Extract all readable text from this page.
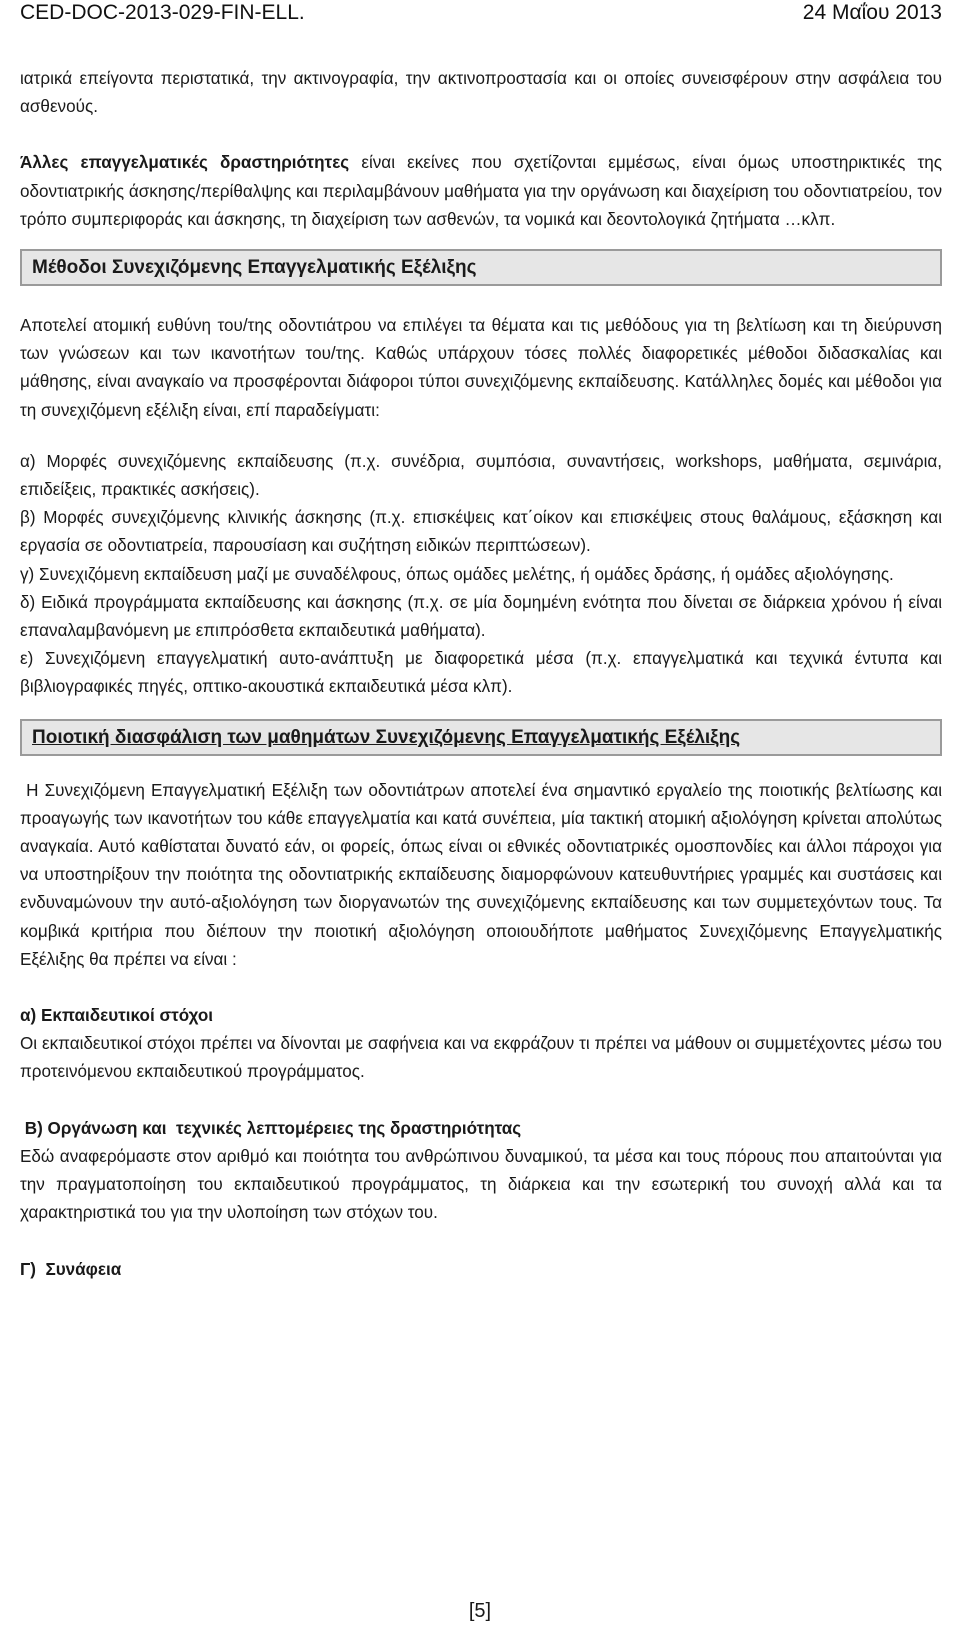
CED-DOC-2013-029-FIN-ELL.	24 Μαΐου 2013

ιατρικά επείγοντα περιστατικά, την ακτινογραφία, την ακτινοπροστασία και οι οποίες συνεισφέρουν στην ασφάλεια του ασθενούς.

Άλλες επαγγελματικές δραστηριότητες είναι εκείνες που σχετίζονται εμμέσως, είναι όμως υποστηρικτικές της οδοντιατρικής άσκησης/περίθαλψης και περιλαμβάνουν μαθήματα για την οργάνωση και διαχείριση του οδοντιατρείου, τον τρόπο συμπεριφοράς και άσκησης, τη διαχείριση των ασθενών, τα νομικά και δεοντολογικά ζητήματα …κλπ.

Μέθοδοι Συνεχιζόμενης Επαγγελματικής Εξέλιξης

Αποτελεί ατομική ευθύνη του/της οδοντιάτρου να επιλέγει τα θέματα και τις μεθόδους για τη βελτίωση και τη διεύρυνση των γνώσεων και των ικανοτήτων του/της. Καθώς υπάρχουν τόσες πολλές διαφορετικές μέθοδοι διδασκαλίας και μάθησης, είναι αναγκαίο να προσφέρονται διάφοροι τύποι συνεχιζόμενης εκπαίδευσης. Κατάλληλες δομές και μέθοδοι για τη συνεχιζόμενη εξέλιξη είναι, επί παραδείγματι:

α) Μορφές συνεχιζόμενης εκπαίδευσης (π.χ. συνέδρια, συμπόσια, συναντήσεις, workshops, μαθήματα, σεμινάρια, επιδείξεις, πρακτικές ασκήσεις).

β) Μορφές συνεχιζόμενης κλινικής άσκησης (π.χ. επισκέψεις κατ΄οίκον και επισκέψεις στους θαλάμους, εξάσκηση και εργασία σε οδοντιατρεία, παρουσίαση και συζήτηση ειδικών περιπτώσεων).

γ) Συνεχιζόμενη εκπαίδευση μαζί με συναδέλφους, όπως ομάδες μελέτης, ή ομάδες δράσης, ή ομάδες αξιολόγησης.

δ) Ειδικά προγράμματα εκπαίδευσης και άσκησης (π.χ. σε μία δομημένη ενότητα που δίνεται σε διάρκεια χρόνου ή είναι επαναλαμβανόμενη με επιπρόσθετα εκπαιδευτικά μαθήματα).

ε) Συνεχιζόμενη επαγγελματική αυτο-ανάπτυξη με διαφορετικά μέσα (π.χ. επαγγελματικά και τεχνικά έντυπα και βιβλιογραφικές πηγές, οπτικο-ακουστικά εκπαιδευτικά μέσα κλπ).

Ποιοτική διασφάλιση των μαθημάτων Συνεχιζόμενης Επαγγελματικής Εξέλιξης

Η Συνεχιζόμενη Επαγγελματική Εξέλιξη των οδοντιάτρων αποτελεί ένα σημαντικό εργαλείο της ποιοτικής βελτίωσης και προαγωγής των ικανοτήτων του κάθε επαγγελματία και κατά συνέπεια, μία τακτική ατομική αξιολόγηση κρίνεται απολύτως αναγκαία. Αυτό καθίσταται δυνατό εάν, οι φορείς, όπως είναι οι εθνικές οδοντιατρικές ομοσπονδίες και άλλοι πάροχοι για να υποστηρίξουν την ποιότητα της οδοντιατρικής εκπαίδευσης διαμορφώνουν κατευθυντήριες γραμμές και συστάσεις και ενδυναμώνουν την αυτό-αξιολόγηση των διοργανωτών της συνεχιζόμενης εκπαίδευσης και των συμμετεχόντων τους. Τα κομβικά κριτήρια που διέπουν την ποιοτική αξιολόγηση οποιουδήποτε μαθήματος Συνεχιζόμενης Επαγγελματικής Εξέλιξης θα πρέπει να είναι :

α) Εκπαιδευτικοί στόχοι

Οι εκπαιδευτικοί στόχοι πρέπει να δίνονται με σαφήνεια και να εκφράζουν τι πρέπει να μάθουν οι συμμετέχοντες μέσω του προτεινόμενου εκπαιδευτικού προγράμματος.

Β) Οργάνωση και  τεχνικές λεπτομέρειες της δραστηριότητας

Εδώ αναφερόμαστε στον αριθμό και ποιότητα του ανθρώπινου δυναμικού, τα μέσα και τους πόρους που απαιτούνται για την πραγματοποίηση του εκπαιδευτικού προγράμματος, τη διάρκεια και την εσωτερική του συνοχή αλλά και τα χαρακτηριστικά του για την υλοποίηση των στόχων του.

Γ)  Συνάφεια

[5]
